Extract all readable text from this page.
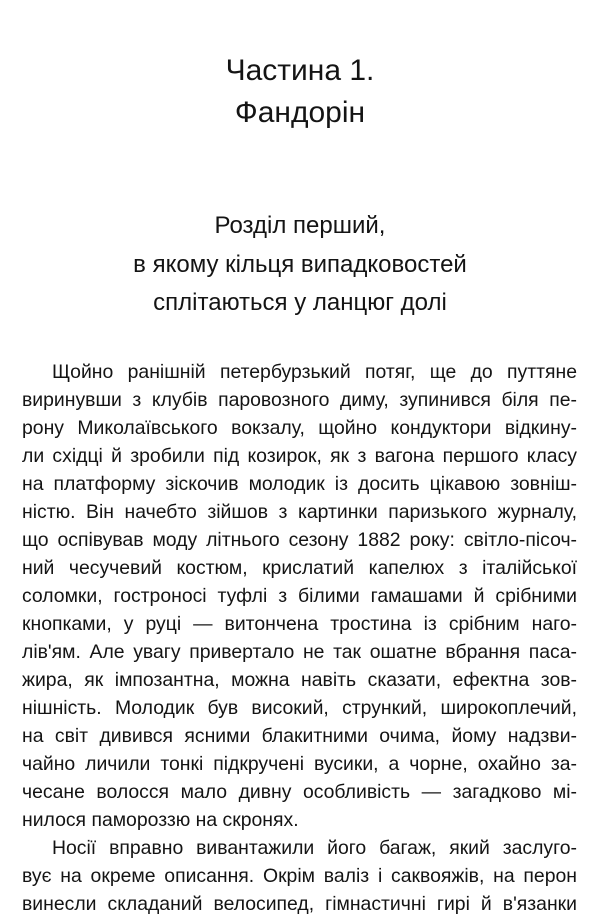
Частина 1.
Фандорін
Розділ перший,
в якому кільця випадковостей
сплітаються у ланцюг долі
Щойно ранішній петербурзький потяг, ще до путтяне
виринувши з клубів паровозного диму, зупинився біля пе-
рону Миколаївського вокзалу, щойно кондуктори відкину-
ли східці й зробили під козирок, як з вагона першого класу
на платформу зіскочив молодик із досить цікавою зовніш-
ністю. Він начебто зійшов з картинки паризького журналу,
що оспівував моду літнього сезону 1882 року: світло-пісоч-
ний чесучевий костюм, крислатий капелюх з італійської
соломки, гостроносі туфлі з білими гамашами й срібними
кнопками, у руці — витончена тростина із срібним наго-
лів'ям. Але увагу привертало не так ошатне вбрання паса-
жира, як імпозантна, можна навіть сказати, ефектна зов-
нішність. Молодик був високий, стрункий, широкоплечий,
на світ дивився ясними блакитними очима, йому надзви-
чайно личили тонкі підкручені вусики, а чорне, охайно за-
чесане волосся мало дивну особливість — загадково мі-
нилося памороззю на скронях.
Носії вправно вивантажили його багаж, який заслуго-
вує на окреме описання. Окрім валіз і саквояжів, на перон
винесли складаний велосипед, гімнастичні гирі й в'язанки
